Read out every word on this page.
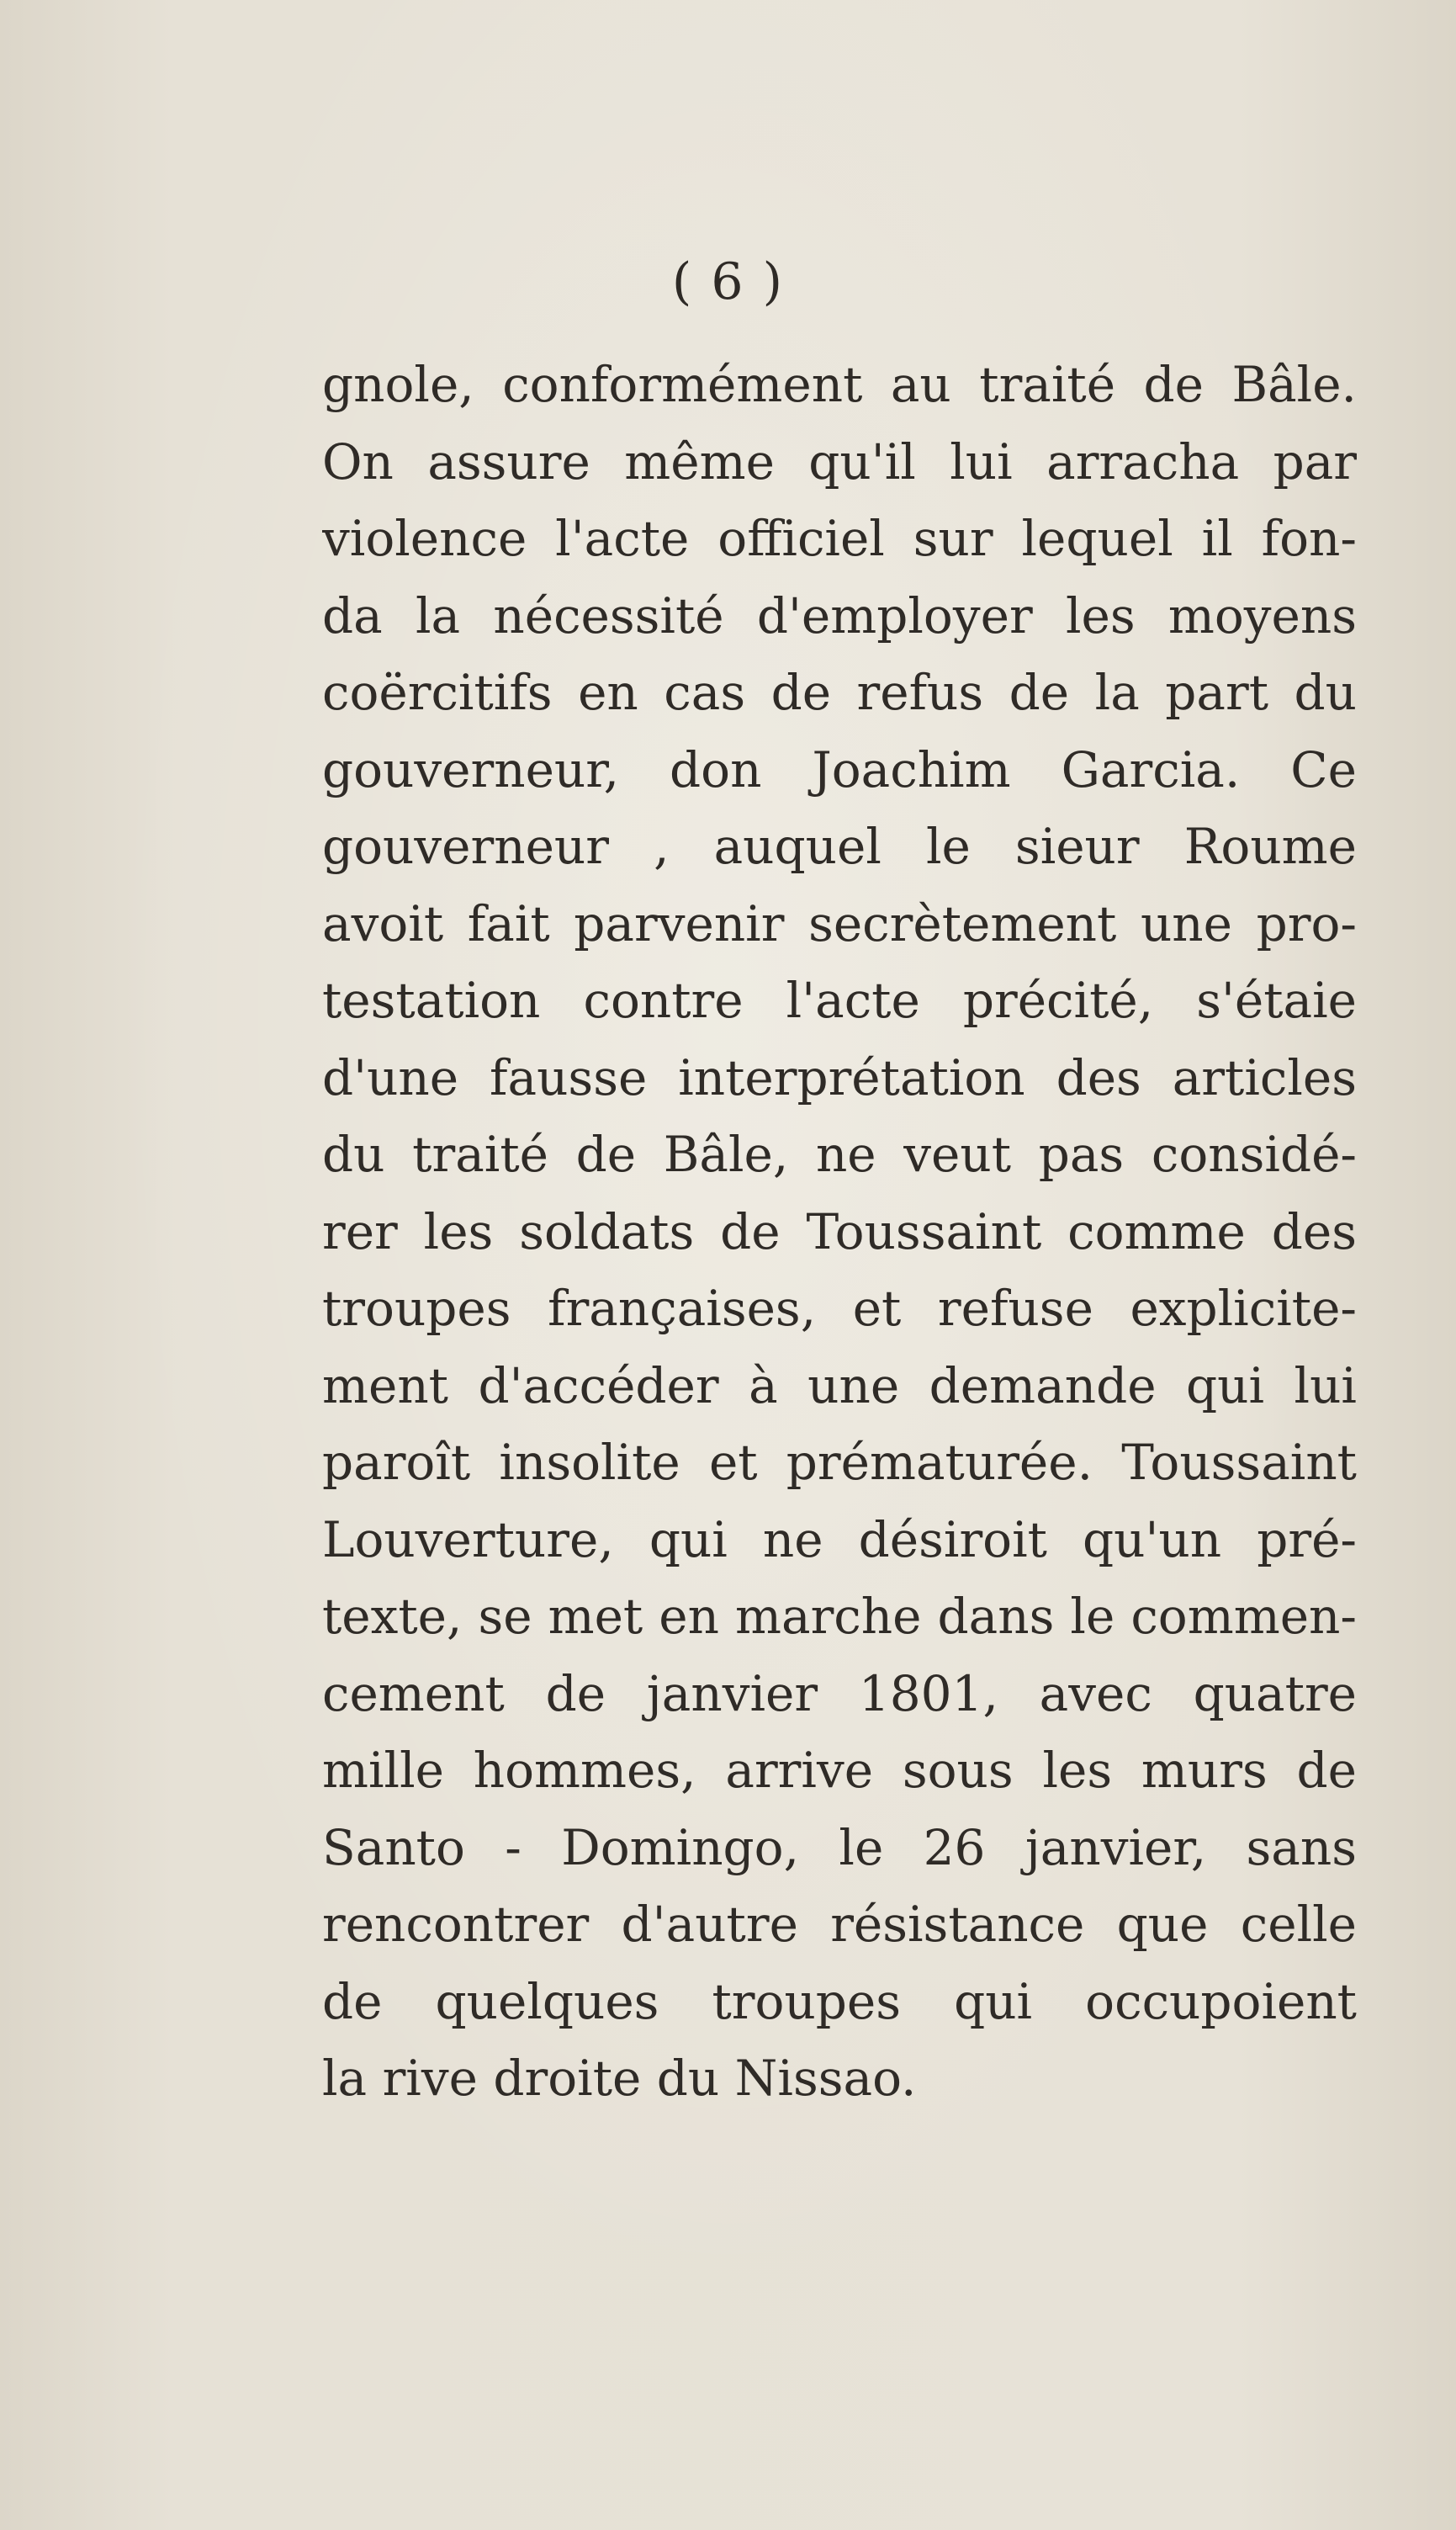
( 6 )
gnole, conformément au traité de Bâle.
On assure même qu'il lui arracha par
violence l'acte officiel sur lequel il fon-
da la nécessité d'employer les moyens
coërcitifs en cas de refus de la part du
gouverneur, don Joachim Garcia. Ce
gouverneur , auquel le sieur Roume
avoit fait parvenir secrètement une pro-
testation contre l'acte précité, s'étaie
d'une fausse interprétation des articles
du traité de Bâle, ne veut pas considé-
rer les soldats de Toussaint comme des
troupes françaises, et refuse explicite-
ment d'accéder à une demande qui lui
paroît insolite et prématurée. Toussaint
Louverture, qui ne désiroit qu'un pré-
texte, se met en marche dans le commen-
cement de janvier 1801, avec quatre
mille hommes, arrive sous les murs de
Santo - Domingo, le 26 janvier, sans
rencontrer d'autre résistance que celle
de quelques troupes qui occupoient
la rive droite du Nissao.
